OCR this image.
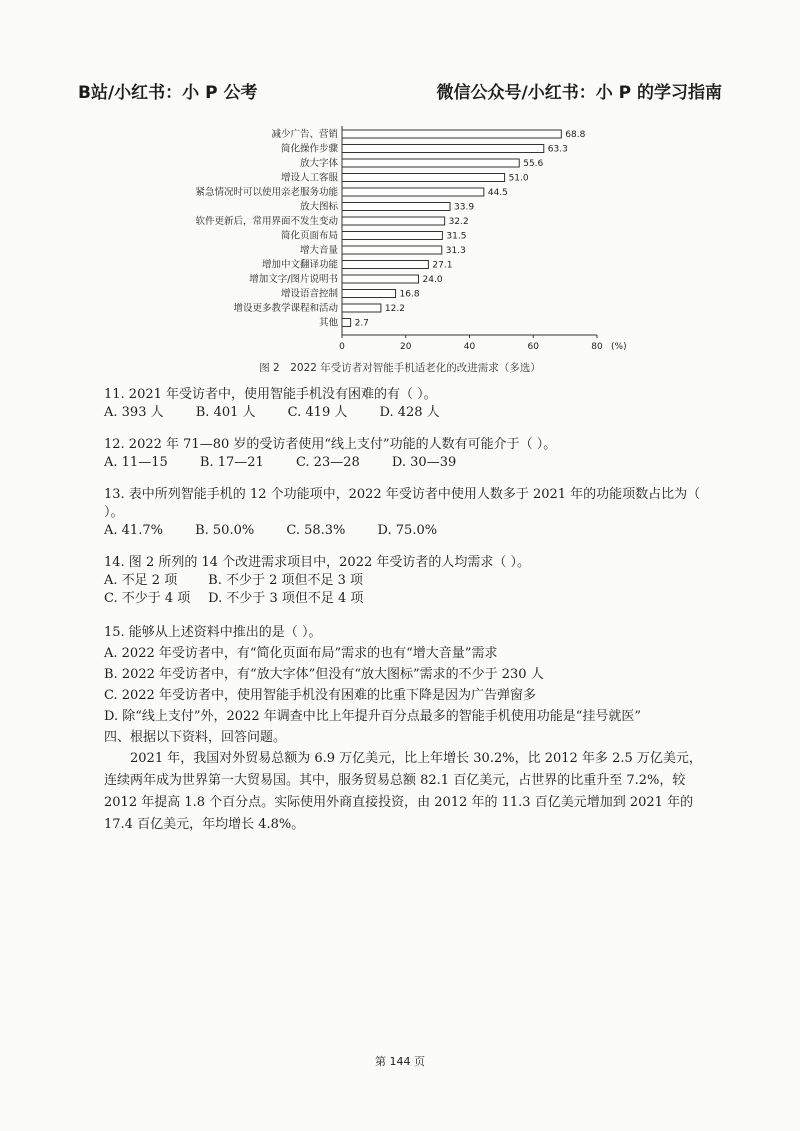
B站/小红书：小 P 公考	微信公众号/小红书：小 P 的学习指南
减少广告、营销	68.8
简化操作步骤	63.3
放大字体	55.6
增设人工客服	51.0
紧急情况时可以使用亲老服务功能	44.5
放大图标	33.9
软件更新后，常用界面不发生变动	32.2
简化页面布局	31.5
增大音量	31.3
增加中文翻译功能	27.1
增加文字/图片说明书	24.0
增设语音控制	16.8
增设更多教学课程和活动	12.2
其他 2.7
0	20	40	60	80 (%)
图 2　2022 年受访者对智能手机适老化的改进需求（多选）

11. 2021 年受访者中，使用智能手机没有困难的有（ ）。

A. 393 人 B. 401 人 C. 419 人 D. 428 人

12. 2022 年 71—80 岁的受访者使用“线上支付”功能的人数有可能介于（ ）。

A. 11—15 B. 17—21 C. 23—28 D. 30—39

13. 表中所列智能手机的 12 个功能项中，2022 年受访者中使用人数多于 2021 年的功能项数占比为（ ）。

A. 41.7% B. 50.0% C. 58.3% D. 75.0%

14. 图 2 所列的 14 个改进需求项目中，2022 年受访者的人均需求（ ）。

A. 不足 2 项 B. 不少于 2 项但不足 3 项

C. 不少于 4 项 D. 不少于 3 项但不足 4 项

15. 能够从上述资料中推出的是（ ）。

A. 2022 年受访者中，有“简化页面布局”需求的也有“增大音量”需求

B. 2022 年受访者中，有“放大字体”但没有“放大图标”需求的不少于 230 人

C. 2022 年受访者中，使用智能手机没有困难的比重下降是因为广告弹窗多

D. 除“线上支付”外，2022 年调查中比上年提升百分点最多的智能手机使用功能是“挂号就医”

四、根据以下资料，回答问题。

2021 年，我国对外贸易总额为 6.9 万亿美元，比上年增长 30.2%，比 2012 年多 2.5 万亿美元，连续两年成为世界第一大贸易国。其中，服务贸易总额 82.1 百亿美元，占世界的比重升至 7.2%，较 2012 年提高 1.8 个百分点。实际使用外商直接投资，由 2012 年的 11.3 百亿美元增加到 2021 年的 17.4 百亿美元，年均增长 4.8%。

第 144 页
